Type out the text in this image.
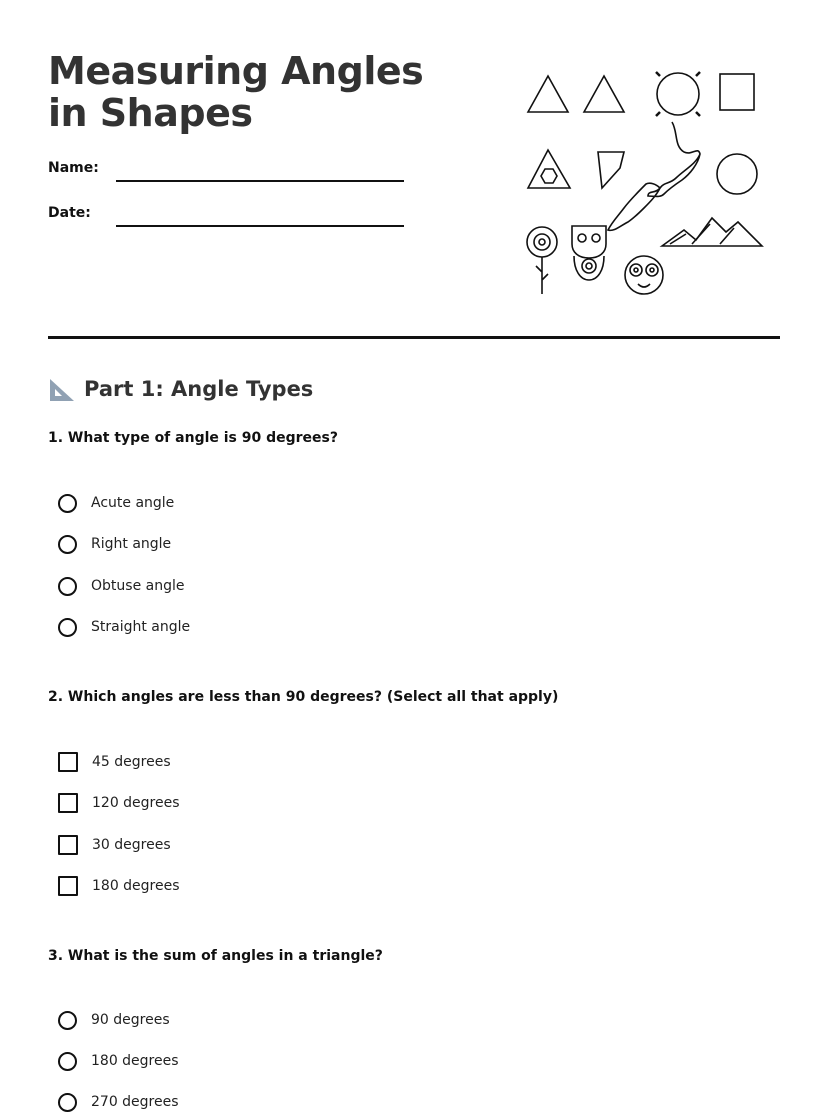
Measuring Angles in Shapes
Name:
Date:
Part 1: Angle Types
1. What type of angle is 90 degrees?
Acute angle
Right angle
Obtuse angle
Straight angle
2. Which angles are less than 90 degrees? (Select all that apply)
45 degrees
120 degrees
30 degrees
180 degrees
3. What is the sum of angles in a triangle?
90 degrees
180 degrees
270 degrees
